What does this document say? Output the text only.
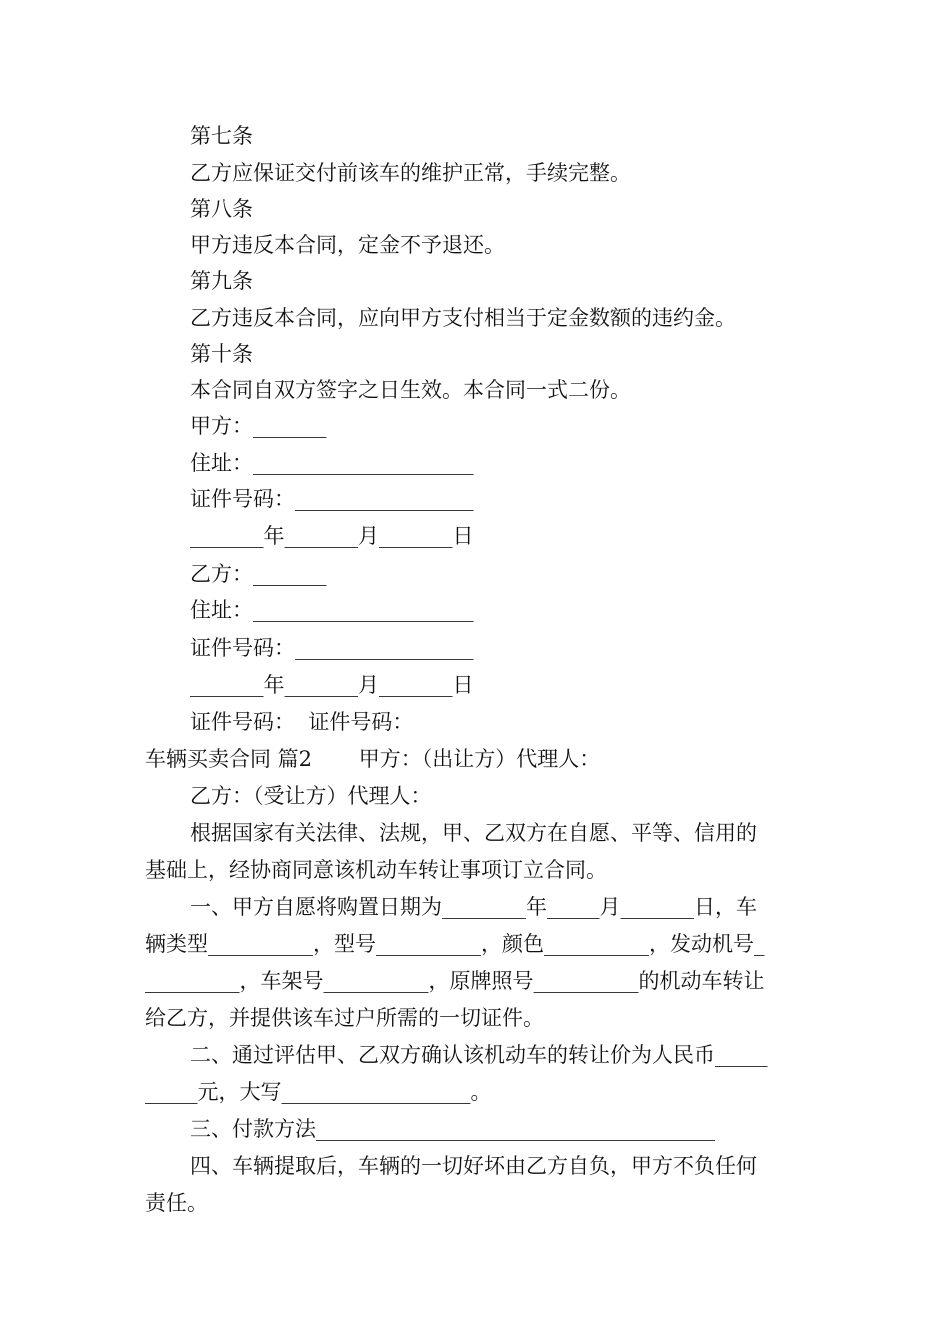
第七条

乙方应保证交付前该车的维护正常，手续完整。

第八条

甲方违反本合同，定金不予退还。

第九条

乙方违反本合同，应向甲方支付相当于定金数额的违约金。

第十条

本合同自双方签字之日生效。本合同一式二份。

甲方：_______

住址：_____________________

证件号码：_________________

_______年_______月_______日

乙方：_______

住址：_____________________

证件号码：_________________

_______年_______月_______日

证件号码：  证件号码：

车辆买卖合同 篇2       甲方：（出让方）代理人：

乙方：（受让方）代理人：

根据国家有关法律、法规，甲、乙双方在自愿、平等、信用的

基础上，经协商同意该机动车转让事项订立合同。

一、甲方自愿将购置日期为________年_____月_______日，车

辆类型__________，型号__________，颜色__________，发动机号_

_________，车架号__________，原牌照号__________的机动车转让

给乙方，并提供该车过户所需的一切证件。

二、通过评估甲、乙双方确认该机动车的转让价为人民币_____

_____元，大写__________________。

三、付款方法______________________________________

四、车辆提取后，车辆的一切好坏由乙方自负，甲方不负任何

责任。
